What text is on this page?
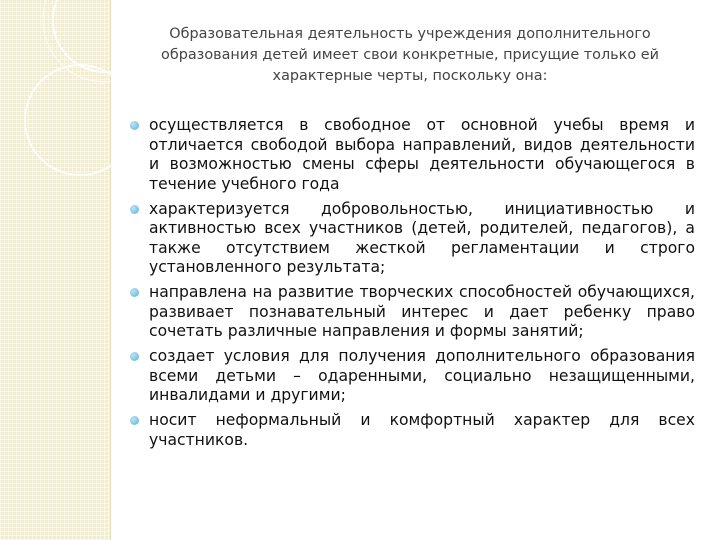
Образовательная деятельность учреждения дополнительного образования детей имеет свои конкретные, присущие только ей характерные черты, поскольку она:
осуществляется в свободное от основной учебы время и отличается свободой выбора направлений, видов деятельности и возможностью смены сферы деятельности обучающегося в течение учебного года
характеризуется добровольностью, инициативностью и активностью всех участников (детей, родителей, педагогов), а также отсутствием жесткой регламентации и строго установленного результата;
направлена на развитие творческих способностей обучающихся, развивает познавательный интерес и дает ребенку право сочетать различные направления и формы занятий;
создает условия для получения дополнительного образования всеми детьми – одаренными, социально незащищенными, инвалидами и другими;
носит неформальный и комфортный характер для всех участников.
